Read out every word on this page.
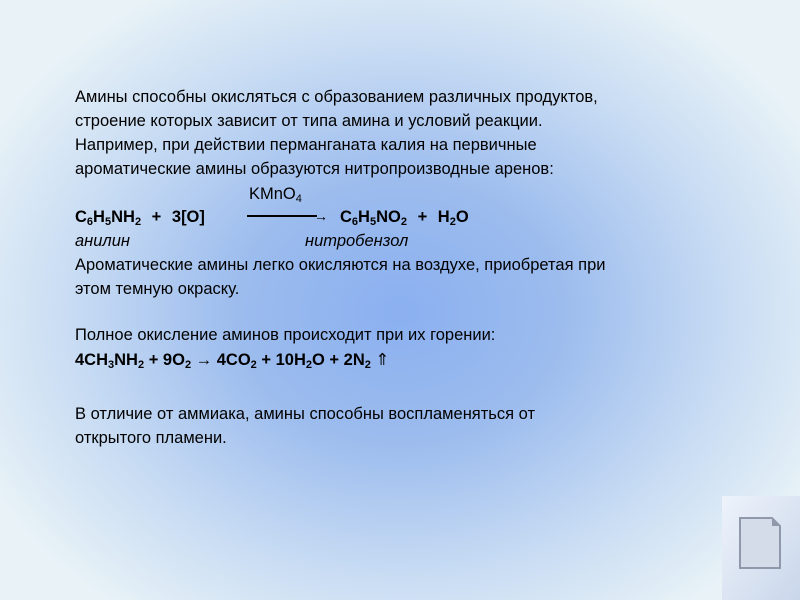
Амины способны окисляться с образованием различных продуктов,
строение которых зависит от типа амина и условий реакции.
Например, при действии перманганата калия на первичные
ароматические амины образуются нитропроизводные аренов:
KMnO4
$C_6H_5NH_2 + 3[O]$	→ $C_6H_5NO_2 + H_2O$
анилин	нитробензол
Ароматические амины легко окисляются на воздухе, приобретая при
этом темную окраску.
Полное окисление аминов происходит при их горении:
$4CH_3NH_2 + 9O_2 \to 4CO_2 + 10H_2O + 2N_2$ ⇑
В отличие от аммиака, амины способны воспламеняться от
открытого пламени.
